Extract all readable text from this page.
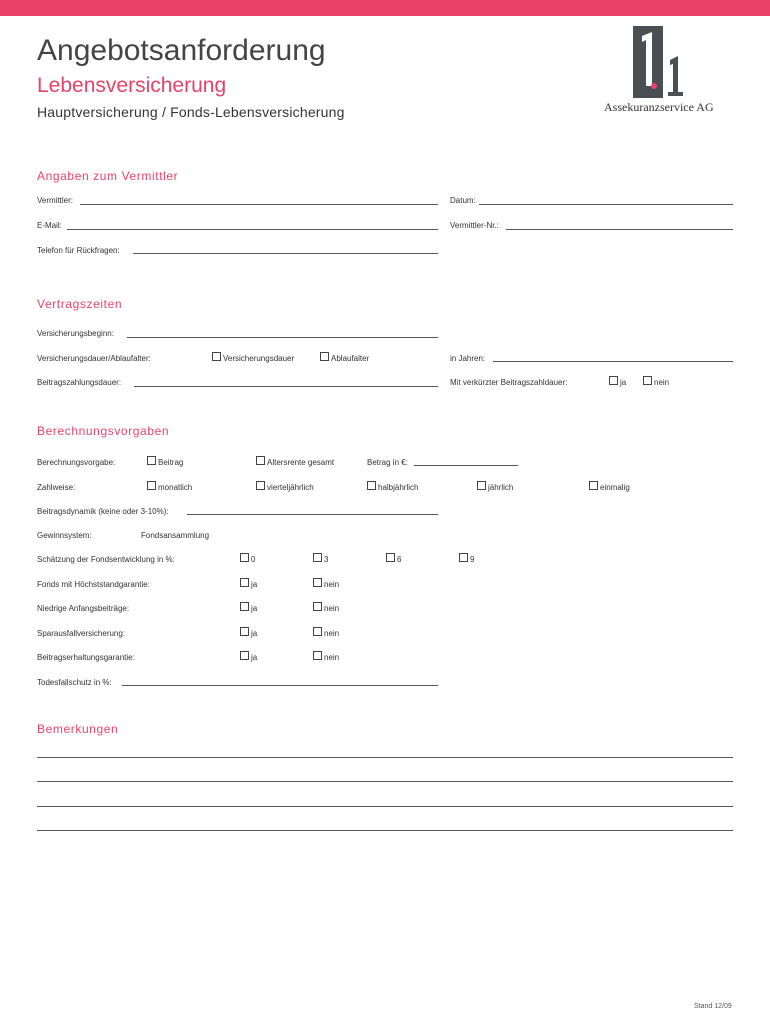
Angebotsanforderung
Lebensversicherung
Hauptversicherung / Fonds-Lebensversicherung	Assekuranzservice AG
Angaben zum Vermittler
Vermittler:	Datum:
E-Mail:	Vermittler-Nr.:
Telefon für Rückfragen:
Vertragszeiten
Versicherungsbeginn:
Versicherungsdauer/Ablaufalter:	Versicherungsdauer	Ablaufalter	in Jahren:
Beitragszahlungsdauer:	Mit verkürzter Beitragszahldauer:	ja	nein
Berechnungsvorgaben
Berechnungsvorgabe:	Beitrag	Altersrente gesamt	Betrag in €:
Zahlweise:	monatlich	vierteljährlich	halbjährlich	jährlich	einmalig
Beitragsdynamik (keine oder 3-10%):
Gewinnsystem:	Fondsansammlung
Schätzung der Fondsentwicklung in %:	0	3	6	9
Fonds mit Höchststandgarantie:	ja	nein
Niedrige Anfangsbeiträge:	ja	nein
Sparausfallversicherung:	ja	nein
Beitragserhaltungsgarantie:	ja	nein
Todesfallschutz in %:
Bemerkungen
Stand 12/09
